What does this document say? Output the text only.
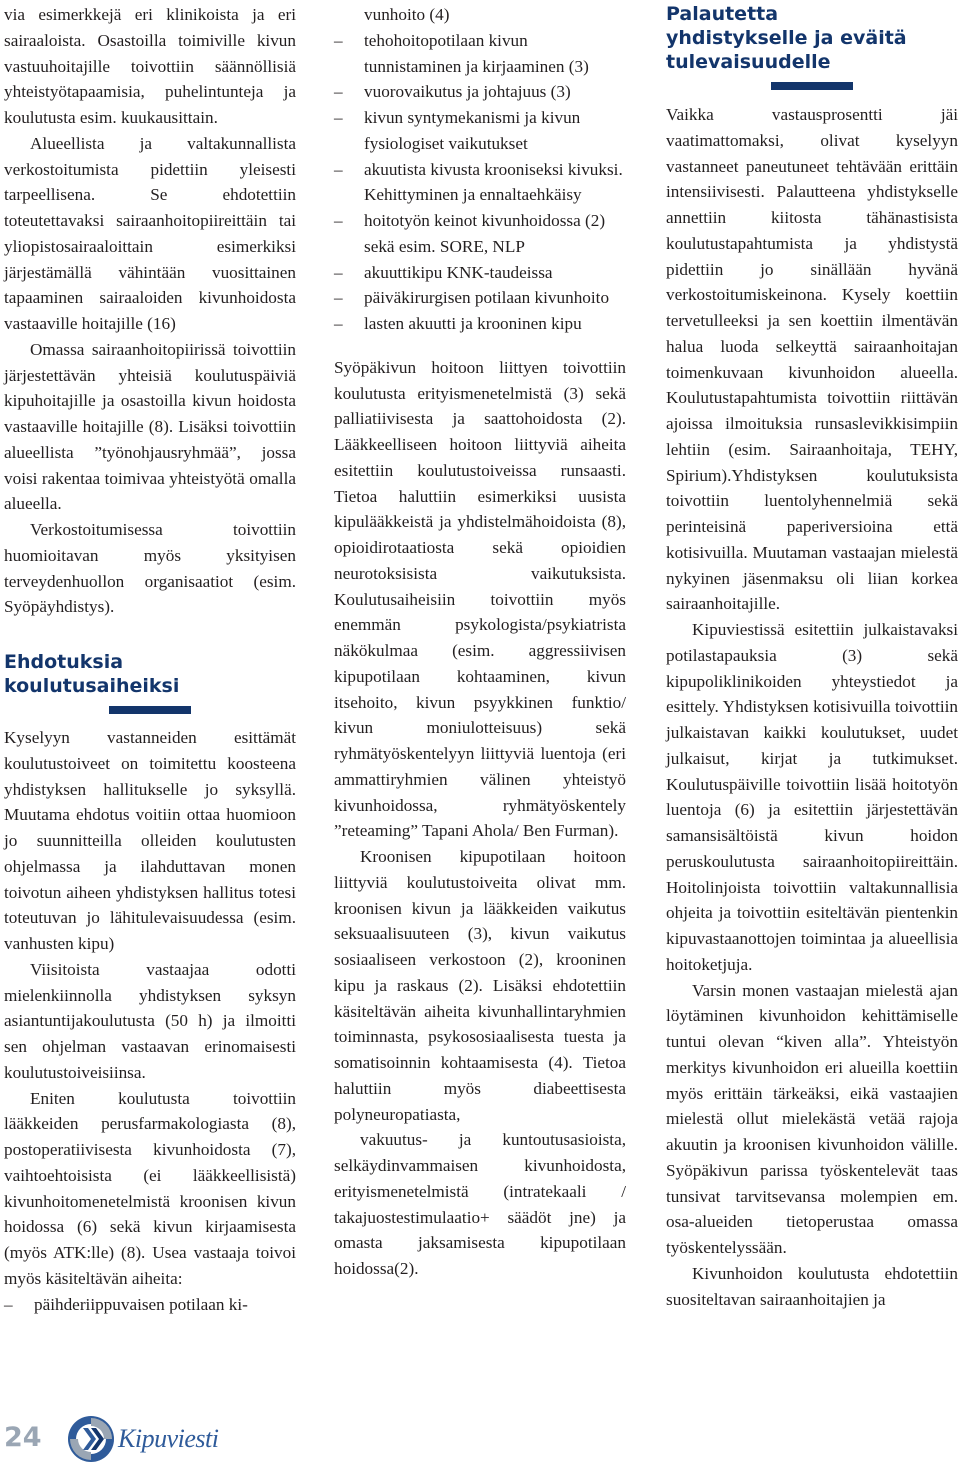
via esimerkkejä eri klinikoista ja eri sairaaloista. Osastoilla toimiville kivun vastuuhoitajille toivottiin säännöllisiä yhteistyötapaamisia, puhelintunteja ja koulutusta esim. kuukausittain.

Alueellista ja valtakunnallista verkostoitumista pidettiin yleisesti tarpeellisena. Se ehdotettiin toteutettavaksi sairaanhoitopiireittäin tai yliopistosairaaloittain esimerkiksi järjestämällä vähintään vuosittainen tapaaminen sairaaloiden kivunhoidosta vastaaville hoitajille (16)

Omassa sairaanhoitopiirissä toivottiin järjestettävän yhteisiä koulutuspäiviä kipuhoitajille ja osastoilla kivun hoidosta vastaaville hoitajille (8). Lisäksi toivottiin alueellista ”työnohjausryhmää”, jossa voisi rakentaa toimivaa yhteistyötä omalla alueella.

Verkostoitumisessa toivottiin huomioitavan myös yksityisen terveydenhuollon organisaatiot (esim. Syöpäyhdistys).

Ehdotuksia

koulutusaiheiksi

Kyselyyn vastanneiden esittämät koulutustoiveet on toimitettu koosteena yhdistyksen hallitukselle jo syksyllä. Muutama ehdotus voitiin ottaa huomioon jo suunnitteilla olleiden koulutusten ohjelmassa ja ilahduttavan monen toivotun aiheen yhdistyksen hallitus totesi toteutuvan jo lähitulevaisuudessa (esim. vanhusten kipu)

Viisitoista vastaajaa odotti mielenkiinnolla yhdistyksen syksyn asiantuntijakoulutusta (50 h) ja ilmoitti sen ohjelman vastaavan erinomaisesti koulutustoiveisiinsa.

Eniten koulutusta toivottiin lääkkeiden perusfarmakologiasta (8), postoperatiivisesta kivunhoidosta (7), vaihtoehtoisista (ei lääkkeellisistä) kivunhoitomenetelmistä kroonisen kivun hoidossa (6) sekä kivun kirjaamisesta (myös ATK:lle) (8). Usea vastaaja toivoi myös käsiteltävän aiheita:

– päihderiippuvaisen potilaan ki-

vunhoito (4)

– tehohoitopotilaan kivun tunnistaminen ja kirjaaminen (3)
– vuorovaikutus ja johtajuus (3)
– kivun syntymekanismi ja kivun fysiologiset vaikutukset
– akuutista kivusta krooniseksi kivuksi. Kehittyminen ja ennaltaehkäisy
– hoitotyön keinot kivunhoidossa (2) sekä esim. SORE, NLP
– akuuttikipu KNK-taudeissa
– päiväkirurgisen potilaan kivunhoito
– lasten akuutti ja krooninen kipu

Syöpäkivun hoitoon liittyen toivottiin koulutusta erityismenetelmistä (3) sekä palliatiivisesta ja saattohoidosta (2). Lääkkeelliseen hoitoon liittyviä aiheita esitettiin koulutustoiveissa runsaasti. Tietoa haluttiin esimerkiksi uusista kipulääkkeistä ja yhdistelmähoidoista (8), opioidirotaatiosta sekä opioidien neurotoksisista vaikutuksista. Koulutusaiheisiin toivottiin myös enemmän psykologista/psykiatrista näkökulmaa (esim. aggressiivisen kipupotilaan kohtaaminen, kivun itsehoito, kivun psyykkinen funktio/ kivun moniulotteisuus) sekä ryhmätyöskentelyyn liittyviä luentoja (eri ammattiryhmien välinen yhteistyö kivunhoidossa, ryhmätyöskentely ”reteaming” Tapani Ahola/ Ben Furman).

Kroonisen kipupotilaan hoitoon liittyviä koulutustoiveita olivat mm. kroonisen kivun ja lääkkeiden vaikutus seksuaalisuuteen (3), kivun vaikutus sosiaaliseen verkostoon (2), krooninen kipu ja raskaus (2). Lisäksi ehdotettiin käsiteltävän aiheita kivunhallintaryhmien toiminnasta, psykososiaalisesta tuesta ja somatisoinnin kohtaamisesta (4). Tietoa haluttiin myös diabeettisesta polyneuropatiasta,

vakuutus- ja kuntoutusasioista, selkäydinvammaisen kivunhoidosta, erityismenetelmistä (intratekaali / takajuostestimulaatio+ säädöt jne) ja omasta jaksamisesta kipupotilaan hoidossa(2).

Palautetta

yhdistykselle ja eväitä

tulevaisuudelle

Vaikka vastausprosentti jäi vaatimattomaksi, olivat kyselyyn vastanneet paneutuneet tehtävään erittäin intensiivisesti. Palautteena yhdistykselle annettiin kiitosta tähänastisista koulutustapahtumista ja yhdistystä pidettiin jo sinällään hyvänä verkostoitumiskeinona. Kysely koettiin tervetulleeksi ja sen koettiin ilmentävän halua luoda selkeyttä sairaanhoitajan toimenkuvaan kivunhoidon alueella. Koulutustapahtumista toivottiin riittävän ajoissa ilmoituksia runsaslevikkisimpiin lehtiin (esim. Sairaanhoitaja, TEHY, Spirium).Yhdistyksen koulutuksista toivottiin luentolyhennelmiä sekä perinteisinä paperiversioina että kotisivuilla. Muutaman vastaajan mielestä nykyinen jäsenmaksu oli liian korkea sairaanhoitajille.

Kipuviestissä esitettiin julkaistavaksi potilastapauksia (3) sekä kipupoliklinikoiden yhteystiedot ja esittely. Yhdistyksen kotisivuilla toivottiin julkaistavan kaikki koulutukset, uudet julkaisut, kirjat ja tutkimukset. Koulutuspäiville toivottiin lisää hoitotyön luentoja (6) ja esitettiin järjestettävän samansisältöistä kivun hoidon peruskoulutusta sairaanhoitopiireittäin. Hoitolinjoista toivottiin valtakunnallisia ohjeita ja toivottiin esiteltävän pientenkin kipuvastaanottojen toimintaa ja alueellisia hoitoketjuja.

Varsin monen vastaajan mielestä ajan löytäminen kivunhoidon kehittämiselle tuntui olevan “kiven alla”. Yhteistyön merkitys kivunhoidon eri alueilla koettiin myös erittäin tärkeäksi, eikä vastaajien mielestä ollut mielekästä vetää rajoja akuutin ja kroonisen kivunhoidon välille. Syöpäkivun parissa työskentelevät taas tunsivat tarvitsevansa molempien em. osa-alueiden tietoperustaa omassa työskentelyssään.

Kivunhoidon koulutusta ehdotettiin suositeltavan sairaanhoitajien ja

24	Kipuviesti
